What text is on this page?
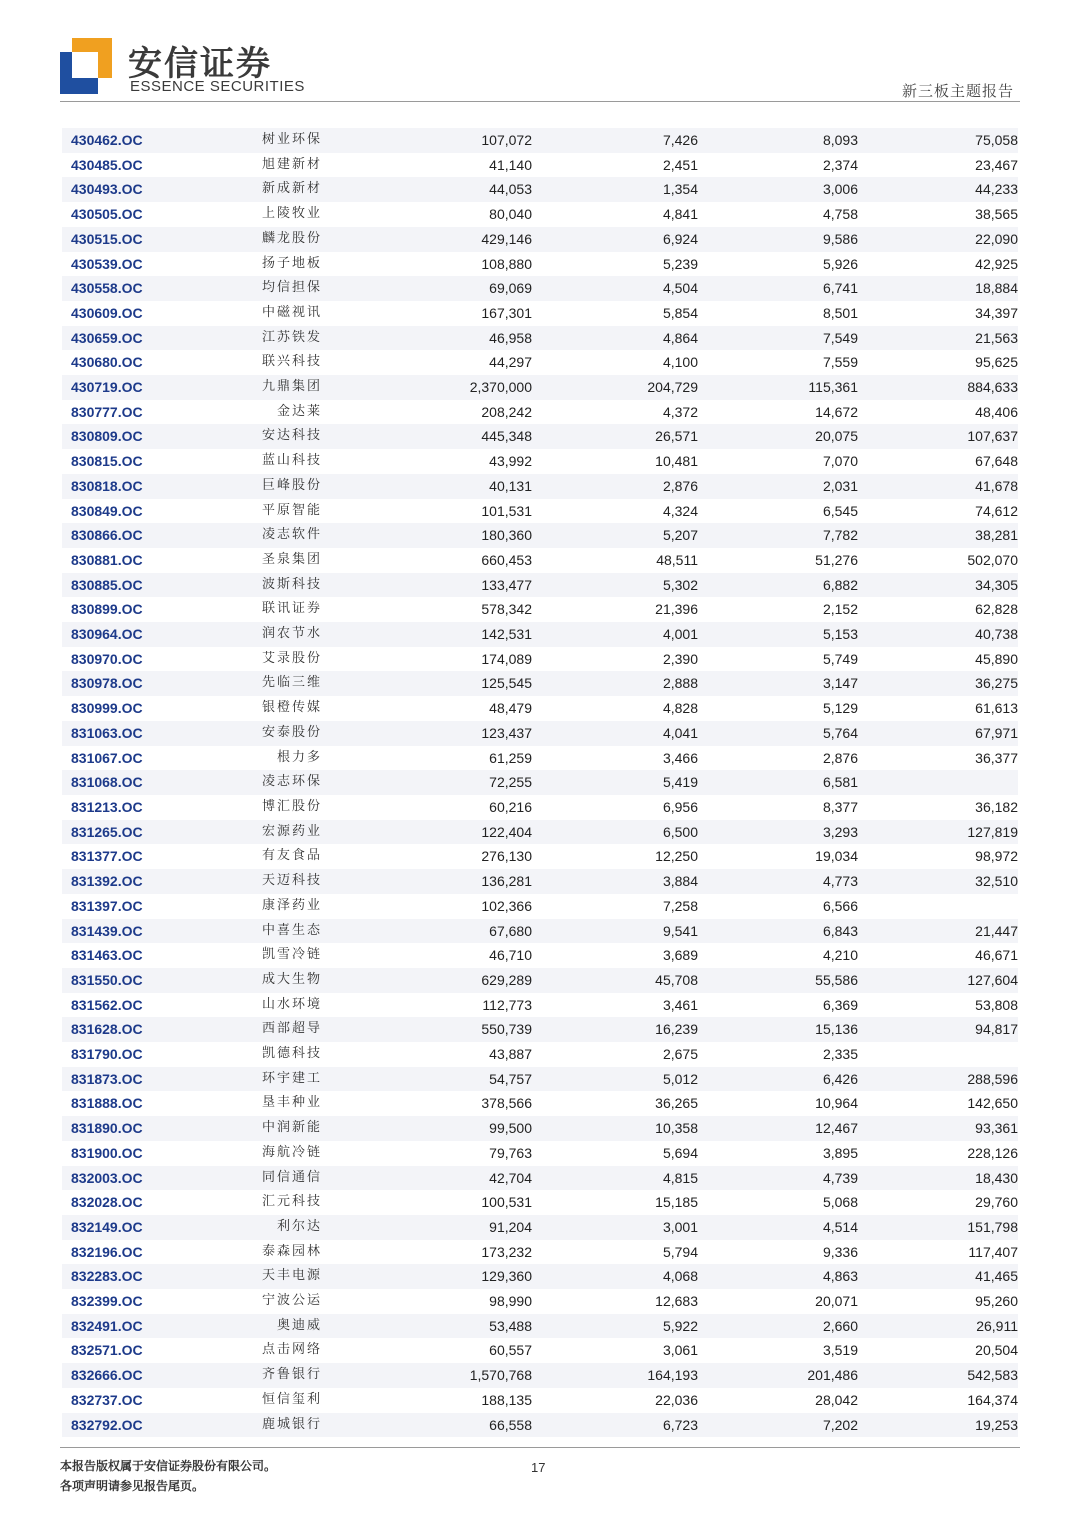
安信证券
ESSENCE SECURITIES	新三板主题报告
430462.OC	树业环保	107,072	7,426	8,093	75,058
430485.OC	旭建新材	41,140	2,451	2,374	23,467
430493.OC	新成新材	44,053	1,354	3,006	44,233
430505.OC	上陵牧业	80,040	4,841	4,758	38,565
430515.OC	麟龙股份	429,146	6,924	9,586	22,090
430539.OC	扬子地板	108,880	5,239	5,926	42,925
430558.OC	均信担保	69,069	4,504	6,741	18,884
430609.OC	中磁视讯	167,301	5,854	8,501	34,397
430659.OC	江苏铁发	46,958	4,864	7,549	21,563
430680.OC	联兴科技	44,297	4,100	7,559	95,625
430719.OC	九鼎集团	2,370,000	204,729	115,361	884,633
830777.OC	金达莱	208,242	4,372	14,672	48,406
830809.OC	安达科技	445,348	26,571	20,075	107,637
830815.OC	蓝山科技	43,992	10,481	7,070	67,648
830818.OC	巨峰股份	40,131	2,876	2,031	41,678
830849.OC	平原智能	101,531	4,324	6,545	74,612
830866.OC	凌志软件	180,360	5,207	7,782	38,281
830881.OC	圣泉集团	660,453	48,511	51,276	502,070
830885.OC	波斯科技	133,477	5,302	6,882	34,305
830899.OC	联讯证券	578,342	21,396	2,152	62,828
830964.OC	润农节水	142,531	4,001	5,153	40,738
830970.OC	艾录股份	174,089	2,390	5,749	45,890
830978.OC	先临三维	125,545	2,888	3,147	36,275
830999.OC	银橙传媒	48,479	4,828	5,129	61,613
831063.OC	安泰股份	123,437	4,041	5,764	67,971
831067.OC	根力多	61,259	3,466	2,876	36,377
831068.OC	凌志环保	72,255	5,419	6,581	
831213.OC	博汇股份	60,216	6,956	8,377	36,182
831265.OC	宏源药业	122,404	6,500	3,293	127,819
831377.OC	有友食品	276,130	12,250	19,034	98,972
831392.OC	天迈科技	136,281	3,884	4,773	32,510
831397.OC	康泽药业	102,366	7,258	6,566	
831439.OC	中喜生态	67,680	9,541	6,843	21,447
831463.OC	凯雪冷链	46,710	3,689	4,210	46,671
831550.OC	成大生物	629,289	45,708	55,586	127,604
831562.OC	山水环境	112,773	3,461	6,369	53,808
831628.OC	西部超导	550,739	16,239	15,136	94,817
831790.OC	凯德科技	43,887	2,675	2,335	
831873.OC	环宇建工	54,757	5,012	6,426	288,596
831888.OC	垦丰种业	378,566	36,265	10,964	142,650
831890.OC	中润新能	99,500	10,358	12,467	93,361
831900.OC	海航冷链	79,763	5,694	3,895	228,126
832003.OC	同信通信	42,704	4,815	4,739	18,430
832028.OC	汇元科技	100,531	15,185	5,068	29,760
832149.OC	利尔达	91,204	3,001	4,514	151,798
832196.OC	泰森园林	173,232	5,794	9,336	117,407
832283.OC	天丰电源	129,360	4,068	4,863	41,465
832399.OC	宁波公运	98,990	12,683	20,071	95,260
832491.OC	奥迪威	53,488	5,922	2,660	26,911
832571.OC	点击网络	60,557	3,061	3,519	20,504
832666.OC	齐鲁银行	1,570,768	164,193	201,486	542,583
832737.OC	恒信玺利	188,135	22,036	28,042	164,374
832792.OC	鹿城银行	66,558	6,723	7,202	19,253
本报告版权属于安信证券股份有限公司。
各项声明请参见报告尾页。
17
